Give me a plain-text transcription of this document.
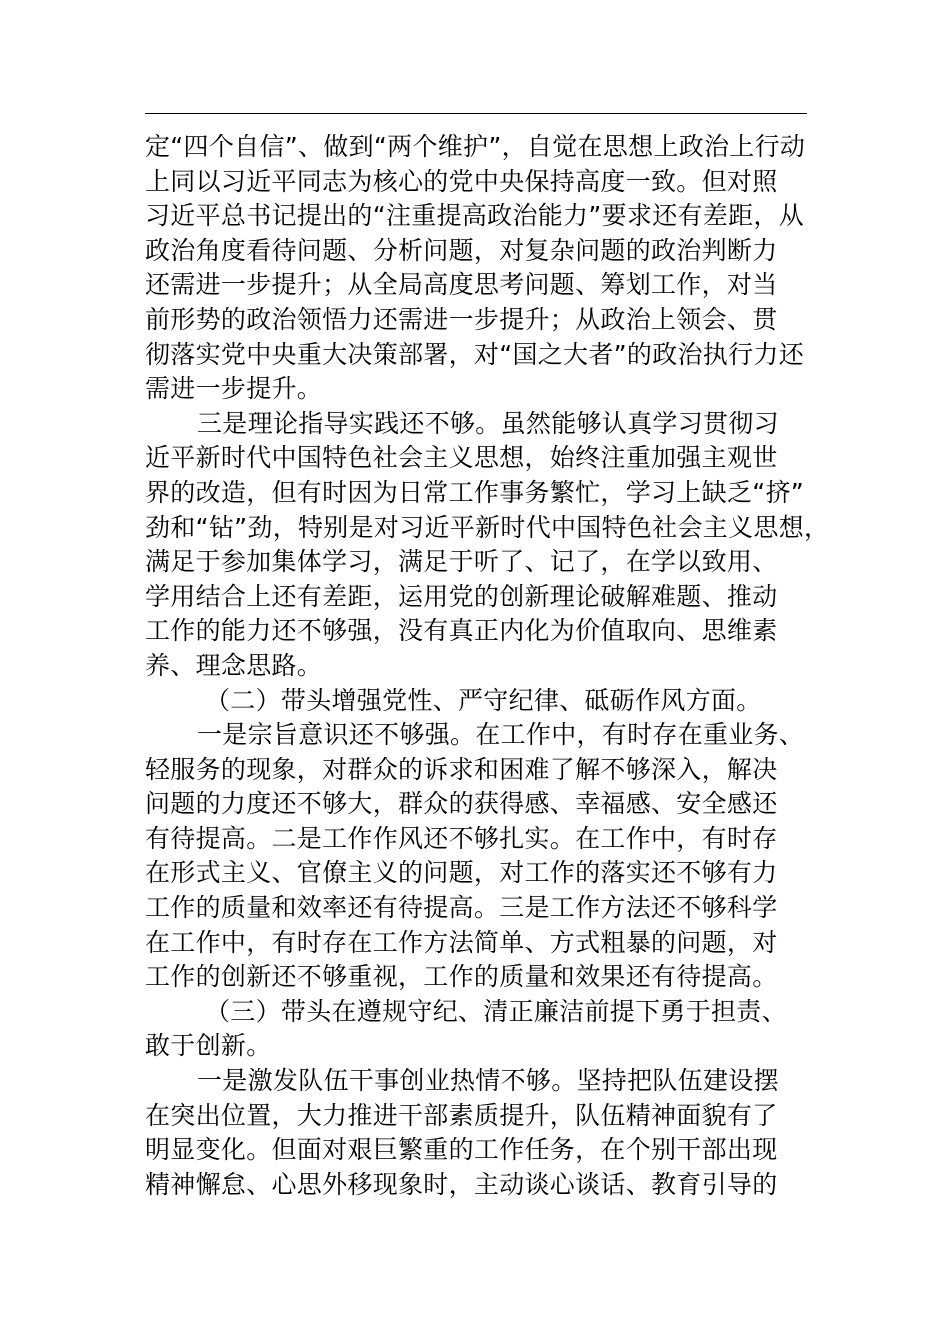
定“四个自信”、做到“两个维护”，自觉在思想上政治上行动
上同以习近平同志为核心的党中央保持高度一致。但对照
习近平总书记提出的“注重提高政治能力”要求还有差距，从
政治角度看待问题、分析问题，对复杂问题的政治判断力
还需进一步提升；从全局高度思考问题、筹划工作，对当
前形势的政治领悟力还需进一步提升；从政治上领会、贯
彻落实党中央重大决策部署，对“国之大者”的政治执行力还
需进一步提升。
三是理论指导实践还不够。虽然能够认真学习贯彻习
近平新时代中国特色社会主义思想，始终注重加强主观世
界的改造，但有时因为日常工作事务繁忙，学习上缺乏“挤”
劲和“钻”劲，特别是对习近平新时代中国特色社会主义思想，
满足于参加集体学习，满足于听了、记了，在学以致用、
学用结合上还有差距，运用党的创新理论破解难题、推动
工作的能力还不够强，没有真正内化为价值取向、思维素
养、理念思路。
（二）带头增强党性、严守纪律、砥砺作风方面。
一是宗旨意识还不够强。在工作中，有时存在重业务、
轻服务的现象，对群众的诉求和困难了解不够深入，解决
问题的力度还不够大，群众的获得感、幸福感、安全感还
有待提高。二是工作作风还不够扎实。在工作中，有时存
在形式主义、官僚主义的问题，对工作的落实还不够有力
工作的质量和效率还有待提高。三是工作方法还不够科学
在工作中，有时存在工作方法简单、方式粗暴的问题，对
工作的创新还不够重视，工作的质量和效果还有待提高。
（三）带头在遵规守纪、清正廉洁前提下勇于担责、
敢于创新。
一是激发队伍干事创业热情不够。坚持把队伍建设摆
在突出位置，大力推进干部素质提升，队伍精神面貌有了
明显变化。但面对艰巨繁重的工作任务，在个别干部出现
精神懈怠、心思外移现象时，主动谈心谈话、教育引导的
